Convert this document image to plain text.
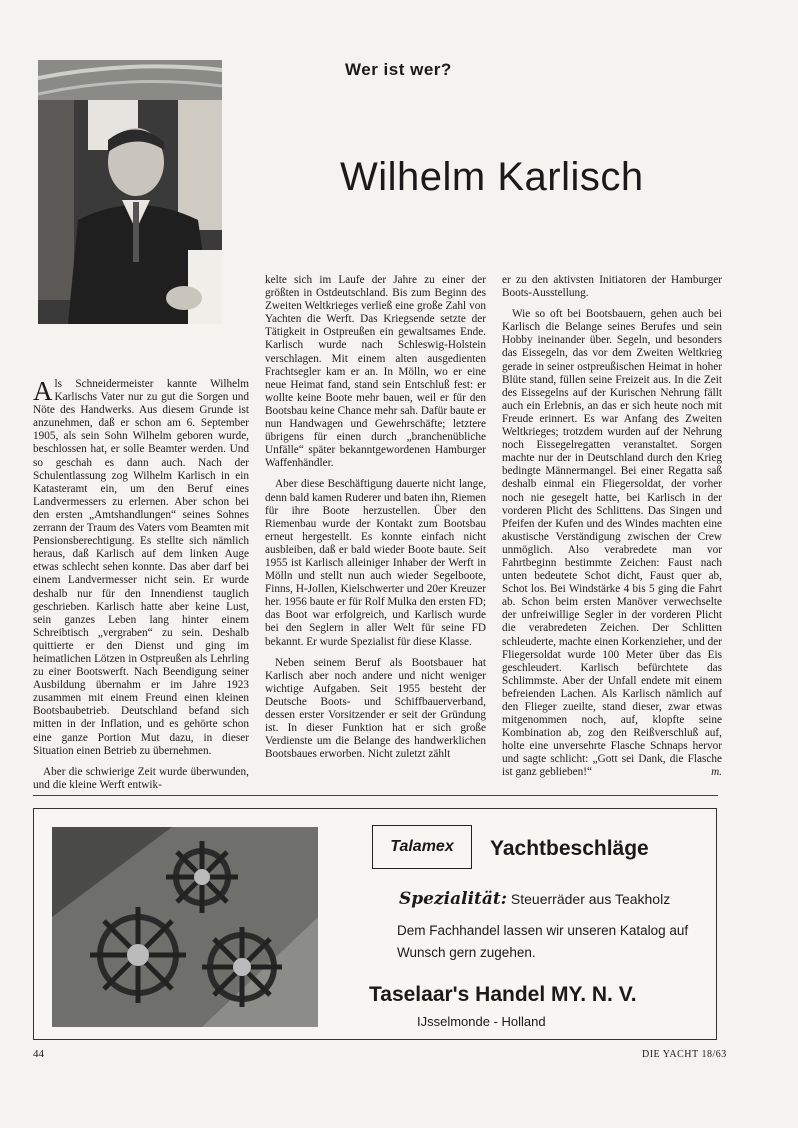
Wer ist wer?
Wilhelm Karlisch

Als Schneidermeister kannte Wilhelm Karlischs Vater nur zu gut die Sorgen und Nöte des Handwerks. Aus diesem Grunde ist anzunehmen, daß er schon am 6. September 1905, als sein Sohn Wilhelm geboren wurde, beschlossen hat, er solle Beamter werden. Und so geschah es dann auch. Nach der Schulentlassung zog Wilhelm Karlisch in ein Katasteramt ein, um den Beruf eines Landvermessers zu erlernen. Aber schon bei den ersten „Amtshandlungen“ seines Sohnes zerrann der Traum des Vaters vom Beamten mit Pensionsberechtigung. Es stellte sich nämlich heraus, daß Karlisch auf dem linken Auge etwas schlecht sehen konnte. Das aber darf bei einem Landvermesser nicht sein. Er wurde deshalb nur für den Innendienst tauglich geschrieben. Karlisch hatte aber keine Lust, sein ganzes Leben lang hinter einem Schreibtisch „vergraben“ zu sein. Deshalb quittierte er den Dienst und ging im heimatlichen Lötzen in Ostpreußen als Lehrling zu einer Bootswerft. Nach Beendigung seiner Ausbildung übernahm er im Jahre 1923 zusammen mit einem Freund einen kleinen Bootsbaubetrieb. Deutschland befand sich mitten in der Inflation, und es gehörte schon eine ganze Portion Mut dazu, in dieser Situation einen Betrieb zu übernehmen.

Aber die schwierige Zeit wurde überwunden, und die kleine Werft entwik-

kelte sich im Laufe der Jahre zu einer der größten in Ostdeutschland. Bis zum Beginn des Zweiten Weltkrieges verließ eine große Zahl von Yachten die Werft. Das Kriegsende setzte der Tätigkeit in Ostpreußen ein gewaltsames Ende. Karlisch wurde nach Schleswig-Holstein verschlagen. Mit einem alten ausgedienten Frachtsegler kam er an. In Mölln, wo er eine neue Heimat fand, stand sein Entschluß fest: er wollte keine Boote mehr bauen, weil er für den Bootsbau keine Chance mehr sah. Dafür baute er nun Handwagen und Gewehrschäfte; letztere übrigens für einen durch „branchenübliche Unfälle“ später bekanntgewordenen Hamburger Waffenhändler.

Aber diese Beschäftigung dauerte nicht lange, denn bald kamen Ruderer und baten ihn, Riemen für ihre Boote herzustellen. Über den Riemenbau wurde der Kontakt zum Bootsbau erneut hergestellt. Es konnte einfach nicht ausbleiben, daß er bald wieder Boote baute. Seit 1955 ist Karlisch alleiniger Inhaber der Werft in Mölln und stellt nun auch wieder Segelboote, Finns, H-Jollen, Kielschwerter und 20er Kreuzer her. 1956 baute er für Rolf Mulka den ersten FD; das Boot war erfolgreich, und Karlisch wurde bei den Seglern in aller Welt für seine FD bekannt. Er wurde Spezialist für diese Klasse.

Neben seinem Beruf als Bootsbauer hat Karlisch aber noch andere und nicht weniger wichtige Aufgaben. Seit 1955 besteht der Deutsche Boots- und Schiffbauerverband, dessen erster Vorsitzender er seit der Gründung ist. In dieser Funktion hat er sich große Verdienste um die Belange des handwerklichen Bootsbaues erworben. Nicht zuletzt zählt

er zu den aktivsten Initiatoren der Hamburger Boots-Ausstellung.

Wie so oft bei Bootsbauern, gehen auch bei Karlisch die Belange seines Berufes und sein Hobby ineinander über. Segeln, und besonders das Eissegeln, das vor dem Zweiten Weltkrieg gerade in seiner ostpreußischen Heimat in hoher Blüte stand, füllen seine Freizeit aus. In die Zeit des Eissegelns auf der Kurischen Nehrung fällt auch ein Erlebnis, an das er sich heute noch mit Freude erinnert. Es war Anfang des Zweiten Weltkrieges; trotzdem wurden auf der Nehrung noch Eissegelregatten veranstaltet. Sorgen machte nur der in Deutschland durch den Krieg bedingte Männermangel. Bei einer Regatta saß deshalb einmal ein Fliegersoldat, der vorher noch nie gesegelt hatte, bei Karlisch in der vorderen Plicht des Schlittens. Das Singen und Pfeifen der Kufen und des Windes machten eine akustische Verständigung zwischen der Crew unmöglich. Also verabredete man vor Fahrtbeginn bestimmte Zeichen: Faust nach unten bedeutete Schot dicht, Faust quer ab, Schot los. Bei Windstärke 4 bis 5 ging die Fahrt ab. Schon beim ersten Manöver verwechselte der unfreiwillige Segler in der vorderen Plicht die verabredeten Zeichen. Der Schlitten schleuderte, machte einen Korkenzieher, und der Fliegersoldat wurde 100 Meter über das Eis geschleudert. Karlisch befürchtete das Schlimmste. Aber der Unfall endete mit einem befreienden Lachen. Als Karlisch nämlich auf den Flieger zueilte, stand dieser, zwar etwas mitgenommen noch, auf, klopfte seine Kombination ab, zog den Reißverschluß auf, holte eine unversehrte Flasche Schnaps hervor und sagte schlicht: „Gott sei Dank, die Flasche ist ganz geblieben!“	m.

Talamex	Yachtbeschläge
Spezialität: Steuerräder aus Teakholz
Dem Fachhandel lassen wir unseren Katalog auf Wunsch gern zugehen.
Taselaar's Handel MY. N. V.
IJsselmonde - Holland
44	DIE YACHT 18/63
